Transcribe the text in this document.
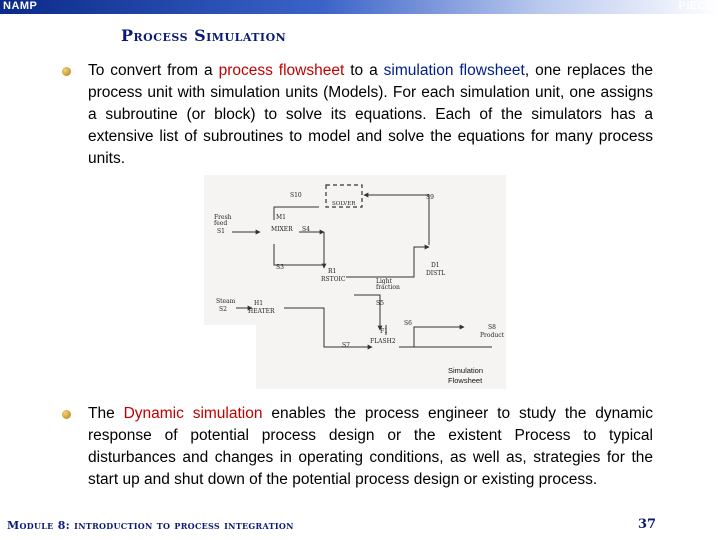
NAMP	PIECE
Process Simulation

To convert from a process flowsheet to a simulation flowsheet, one replaces the process unit with simulation units (Models). For each simulation unit, one assigns a subroutine (or block) to solve its equations. Each of the simulators has a extensive list of subroutines to model and solve the equations for many process units.

SOLVER
Fresh
feed
S1
M1
MIXER
S10
S4
S3
R1
RSTOIC
S9
D1
DISTL
Light
fraction
Steam
S2
H1
HEATER
S5
S6
F1
FLASH2
S7
S8
Product
Simulation
Flowsheet

The Dynamic simulation enables the process engineer to study the dynamic response of potential process design or the existent Process to typical disturbances and changes in operating conditions, as well as, strategies for the start up and shut down of the potential process design or existing process.

Module 8: introduction to process integration	37
